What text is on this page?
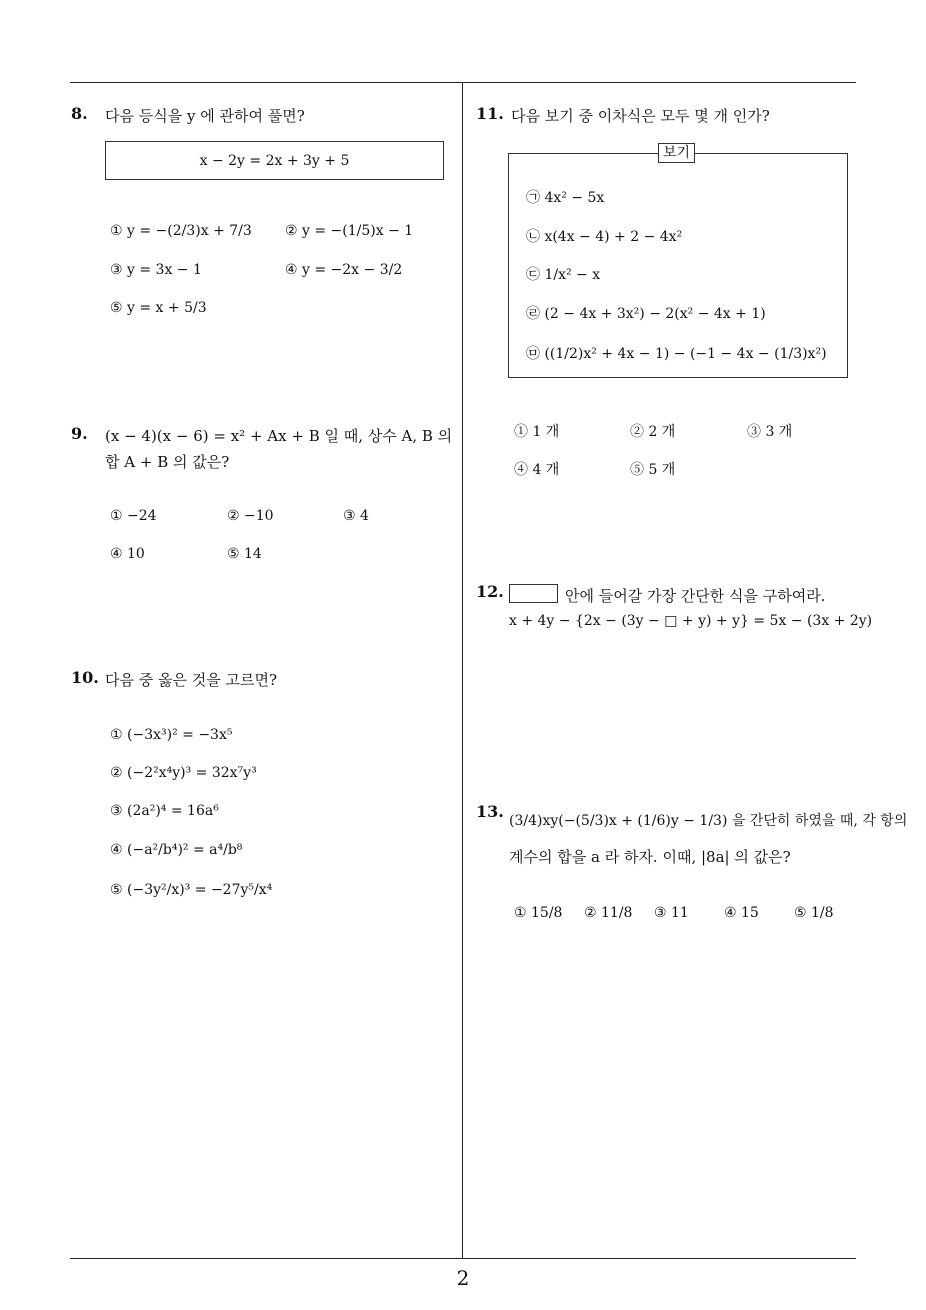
8. 다음 등식을 y 에 관하여 풀면?
x − 2y = 2x + 3y + 5
① y = −(2/3)x + 7/3 ② y = −(1/5)x − 1
③ y = 3x − 1	④ y = −2x − 3/2
⑤ y = x + 5/3
9. (x − 4)(x − 6) = x² + Ax + B 일 때, 상수 A, B 의
합 A + B 의 값은?
① −24	② −10	③ 4
④ 10	⑤ 14
10. 다음 중 옳은 것을 고르면?
① (−3x³)² = −3x⁵
② (−2²x⁴y)³ = 32x⁷y³
③ (2a²)⁴ = 16a⁶
④ (−a²/b⁴)² = a⁴/b⁸
⑤ (−3y²/x)³ = −27y⁵/x⁴
11. 다음 보기 중 이차식은 모두 몇 개 인가?
보기
㉠ 4x² − 5x
㉡ x(4x − 4) + 2 − 4x²
㉢ 1/x² − x
㉣ (2 − 4x + 3x²) − 2(x² − 4x + 1)
㉤ ((1/2)x² + 4x − 1) − (−1 − 4x − (1/3)x²)
① 1 개	② 2 개	③ 3 개
④ 4 개	⑤ 5 개
12.	안에 들어갈 가장 간단한 식을 구하여라.
x + 4y − {2x − (3y − □ + y) + y} = 5x − (3x + 2y)
13. (3/4)xy(−(5/3)x + (1/6)y − 1/3) 을 간단히 하였을 때, 각 항의
계수의 합을 a 라 하자. 이때, |8a| 의 값은?
① 15/8 ② 11/8 ③ 11	④ 15	⑤ 1/8
2
